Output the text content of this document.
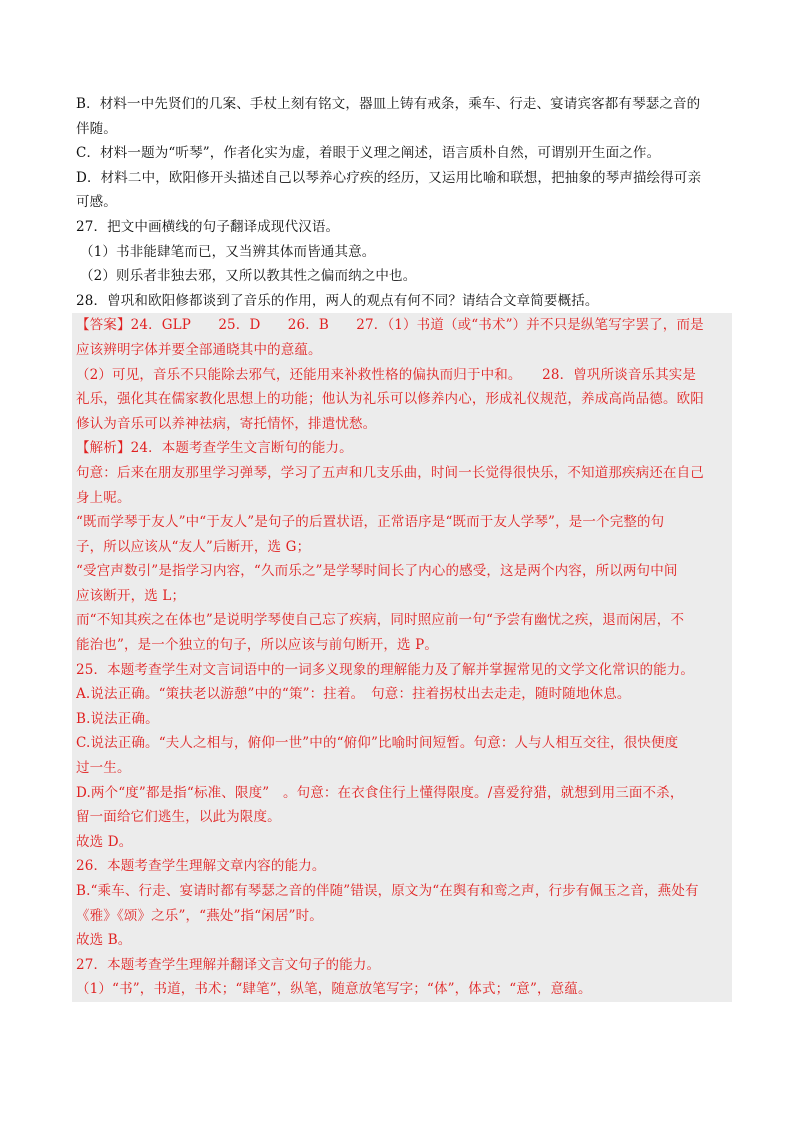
B．材料一中先贤们的几案、手杖上刻有铭文，器皿上铸有戒条，乘车、行走、宴请宾客都有琴瑟之音的
伴随。
C．材料一题为“听琴”，作者化实为虚，着眼于义理之阐述，语言质朴自然，可谓别开生面之作。
D．材料二中，欧阳修开头描述自己以琴养心疗疾的经历，又运用比喻和联想，把抽象的琴声描绘得可亲
可感。
27．把文中画横线的句子翻译成现代汉语。
（1）书非能肆笔而已，又当辨其体而皆通其意。
（2）则乐者非独去邪，又所以教其性之偏而纳之中也。
28．曾巩和欧阳修都谈到了音乐的作用，两人的观点有何不同？请结合文章简要概括。
【答案】24．GLP　　25．D　　26．B　　27．（1）书道（或“书术”）并不只是纵笔写字罢了，而是
应该辨明字体并要全部通晓其中的意蕴。
（2）可见，音乐不只能除去邪气，还能用来补救性格的偏执而归于中和。　　28．曾巩所谈音乐其实是
礼乐，强化其在儒家教化思想上的功能；他认为礼乐可以修养内心，形成礼仪规范，养成高尚品德。欧阳
修认为音乐可以养神祛病，寄托情怀，排遣忧愁。
【解析】24．本题考查学生文言断句的能力。
句意：后来在朋友那里学习弹琴，学习了五声和几支乐曲，时间一长觉得很快乐，不知道那疾病还在自己
身上呢。
“既而学琴于友人”中“于友人”是句子的后置状语，正常语序是“既而于友人学琴”，是一个完整的句
子，所以应该从“友人”后断开，选 G；
“受宫声数引”是指学习内容，“久而乐之”是学琴时间长了内心的感受，这是两个内容，所以两句中间
应该断开，选 L；
而“不知其疾之在体也”是说明学琴使自己忘了疾病，同时照应前一句“予尝有幽忧之疾，退而闲居，不
能治也”，是一个独立的句子，所以应该与前句断开，选 P。
25．本题考查学生对文言词语中的一词多义现象的理解能力及了解并掌握常见的文学文化常识的能力。
A.说法正确。“策扶老以游憩”中的“策”：拄着。　句意：拄着拐杖出去走走，随时随地休息。
B.说法正确。
C.说法正确。“夫人之相与，俯仰一世”中的“俯仰”比喻时间短暂。句意：人与人相互交往，很快便度
过一生。
D.两个“度”都是指“标准、限度”　。句意：在衣食住行上懂得限度。/喜爱狩猎，就想到用三面不杀，
留一面给它们逃生，以此为限度。
故选 D。
26．本题考查学生理解文章内容的能力。
B.“乘车、行走、宴请时都有琴瑟之音的伴随”错误，原文为“在舆有和鸾之声，行步有佩玉之音，燕处有
《雅》《颂》之乐”，“燕处”指“闲居”时。
故选 B。
27．本题考查学生理解并翻译文言文句子的能力。
（1）“书”，书道，书术；“肆笔”，纵笔，随意放笔写字；“体”，体式；“意”，意蕴。
